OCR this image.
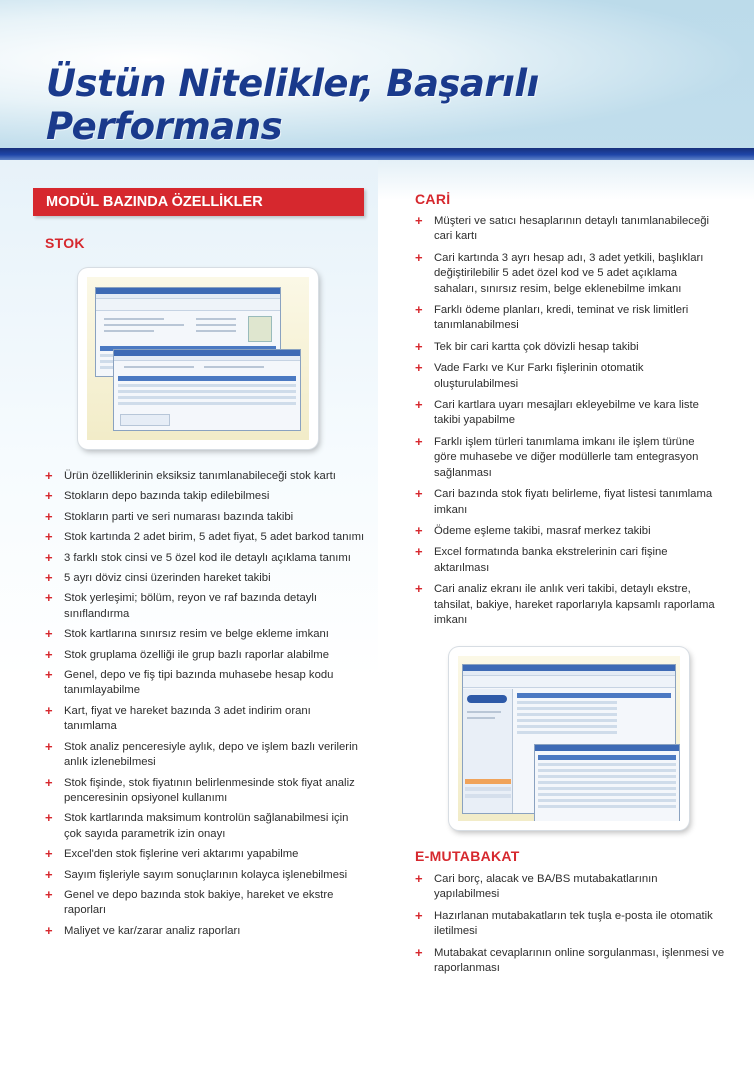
Üstün Nitelikler, Başarılı Performans
MODÜL BAZINDA ÖZELLİKLER
STOK
+ Ürün özelliklerinin eksiksiz tanımlanabileceği stok kartı
+ Stokların depo bazında takip edilebilmesi
+ Stokların parti ve seri numarası bazında takibi
+ Stok kartında 2 adet birim, 5 adet fiyat, 5 adet barkod tanımı
+ 3 farklı stok cinsi ve 5 özel kod ile detaylı açıklama tanımı
+ 5 ayrı döviz cinsi üzerinden hareket takibi
+ Stok yerleşimi; bölüm, reyon ve raf bazında detaylı sınıflandırma
+ Stok kartlarına sınırsız resim ve belge ekleme imkanı
+ Stok gruplama özelliği ile grup bazlı raporlar alabilme
+ Genel, depo ve fiş tipi bazında muhasebe hesap kodu tanımlayabilme
+ Kart, fiyat ve hareket bazında 3 adet indirim oranı tanımlama
+ Stok analiz penceresiyle aylık, depo ve işlem bazlı verilerin anlık izlenebilmesi
+ Stok fişinde, stok fiyatının belirlenmesinde stok fiyat analiz penceresinin opsiyonel kullanımı
+ Stok kartlarında maksimum kontrolün sağlanabilmesi için çok sayıda parametrik izin onayı
+ Excel'den stok fişlerine veri aktarımı yapabilme
+ Sayım fişleriyle sayım sonuçlarının kolayca işlenebilmesi
+ Genel ve depo bazında stok bakiye, hareket ve ekstre raporları
+ Maliyet ve kar/zarar analiz raporları
CARİ
+ Müşteri ve satıcı hesaplarının detaylı tanımlanabileceği cari kartı
+ Cari kartında 3 ayrı hesap adı, 3 adet yetkili, başlıkları değiştirilebilir 5 adet özel kod ve 5 adet açıklama sahaları, sınırsız resim, belge eklenebilme imkanı
+ Farklı ödeme planları, kredi, teminat ve risk limitleri tanımlanabilmesi
+ Tek bir cari kartta çok dövizli hesap takibi
+ Vade Farkı ve Kur Farkı fişlerinin otomatik oluşturulabilmesi
+ Cari kartlara uyarı mesajları ekleyebilme ve kara liste takibi yapabilme
+ Farklı işlem türleri tanımlama imkanı ile işlem türüne göre muhasebe ve diğer modüllerle tam entegrasyon sağlanması
+ Cari bazında stok fiyatı belirleme, fiyat listesi tanımlama imkanı
+ Ödeme eşleme takibi, masraf merkez takibi
+ Excel formatında banka ekstrelerinin cari fişine aktarılması
+ Cari analiz ekranı ile anlık veri takibi, detaylı ekstre, tahsilat, bakiye, hareket raporlarıyla kapsamlı raporlama imkanı
E-MUTABAKAT
+ Cari borç, alacak ve BA/BS mutabakatlarının yapılabilmesi
+ Hazırlanan mutabakatların tek tuşla e-posta ile otomatik iletilmesi
+ Mutabakat cevaplarının online sorgulanması, işlenmesi ve raporlanması
